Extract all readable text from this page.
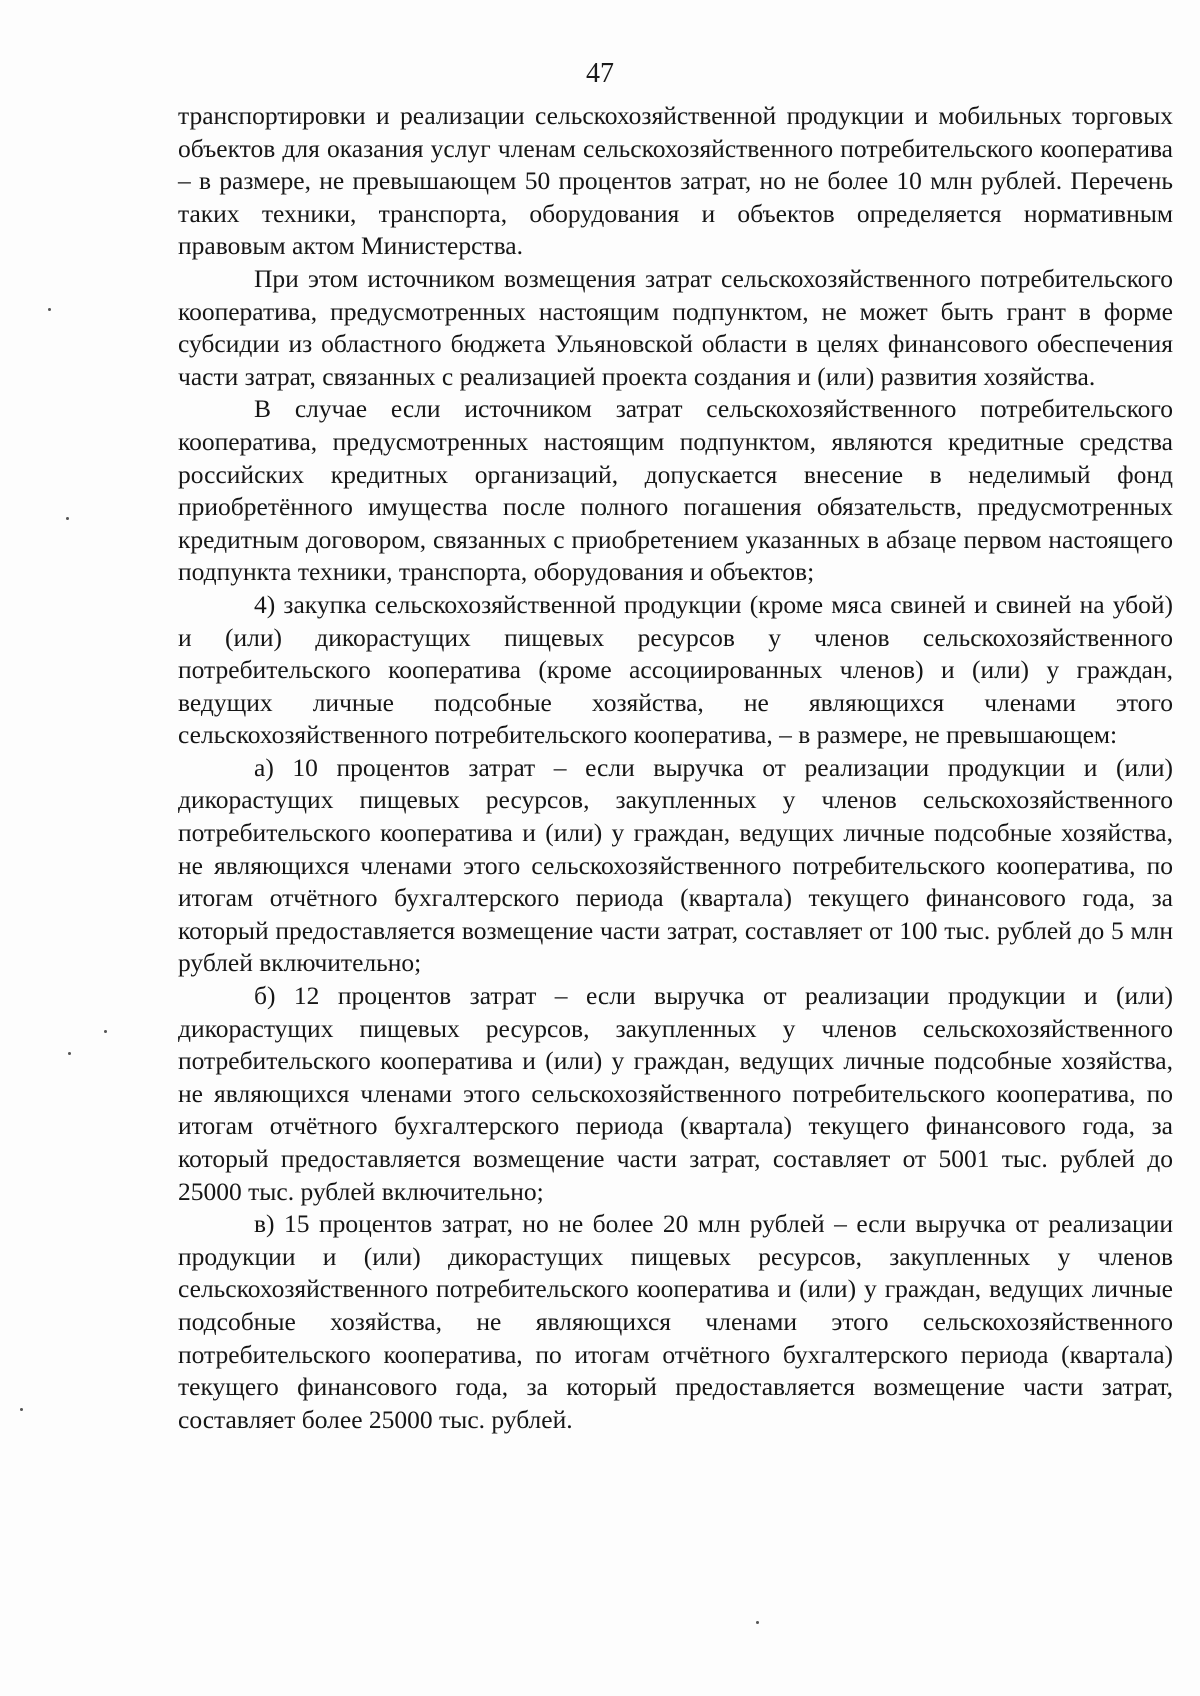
47

транспортировки и реализации сельскохозяйственной продукции и мобильных торговых объектов для оказания услуг членам сельскохозяйственного потребительского кооператива – в размере, не превышающем 50 процентов затрат, но не более 10 млн рублей. Перечень таких техники, транспорта, оборудования и объектов определяется нормативным правовым актом Министерства.

При этом источником возмещения затрат сельскохозяйственного потребительского кооператива, предусмотренных настоящим подпунктом, не может быть грант в форме субсидии из областного бюджета Ульяновской области в целях финансового обеспечения части затрат, связанных с реализацией проекта создания и (или) развития хозяйства.

В случае если источником затрат сельскохозяйственного потребительского кооператива, предусмотренных настоящим подпунктом, являются кредитные средства российских кредитных организаций, допускается внесение в неделимый фонд приобретённого имущества после полного погашения обязательств, предусмотренных кредитным договором, связанных с приобретением указанных в абзаце первом настоящего подпункта техники, транспорта, оборудования и объектов;

4) закупка сельскохозяйственной продукции (кроме мяса свиней и свиней на убой) и (или) дикорастущих пищевых ресурсов у членов сельскохозяйственного потребительского кооператива (кроме ассоциированных членов) и (или) у граждан, ведущих личные подсобные хозяйства, не являющихся членами этого сельскохозяйственного потребительского кооператива, – в размере, не превышающем:

а) 10 процентов затрат – если выручка от реализации продукции и (или) дикорастущих пищевых ресурсов, закупленных у членов сельскохозяйственного потребительского кооператива и (или) у граждан, ведущих личные подсобные хозяйства, не являющихся членами этого сельскохозяйственного потребительского кооператива, по итогам отчётного бухгалтерского периода (квартала) текущего финансового года, за который предоставляется возмещение части затрат, составляет от 100 тыс. рублей до 5 млн рублей включительно;

б) 12 процентов затрат – если выручка от реализации продукции и (или) дикорастущих пищевых ресурсов, закупленных у членов сельскохозяйственного потребительского кооператива и (или) у граждан, ведущих личные подсобные хозяйства, не являющихся членами этого сельскохозяйственного потребительского кооператива, по итогам отчётного бухгалтерского периода (квартала) текущего финансового года, за который предоставляется возмещение части затрат, составляет от 5001 тыс. рублей до 25000 тыс. рублей включительно;

в) 15 процентов затрат, но не более 20 млн рублей – если выручка от реализации продукции и (или) дикорастущих пищевых ресурсов, закупленных у членов сельскохозяйственного потребительского кооператива и (или) у граждан, ведущих личные подсобные хозяйства, не являющихся членами этого сельскохозяйственного потребительского кооператива, по итогам отчётного бухгалтерского периода (квартала) текущего финансового года, за который предоставляется возмещение части затрат, составляет более 25000 тыс. рублей.
